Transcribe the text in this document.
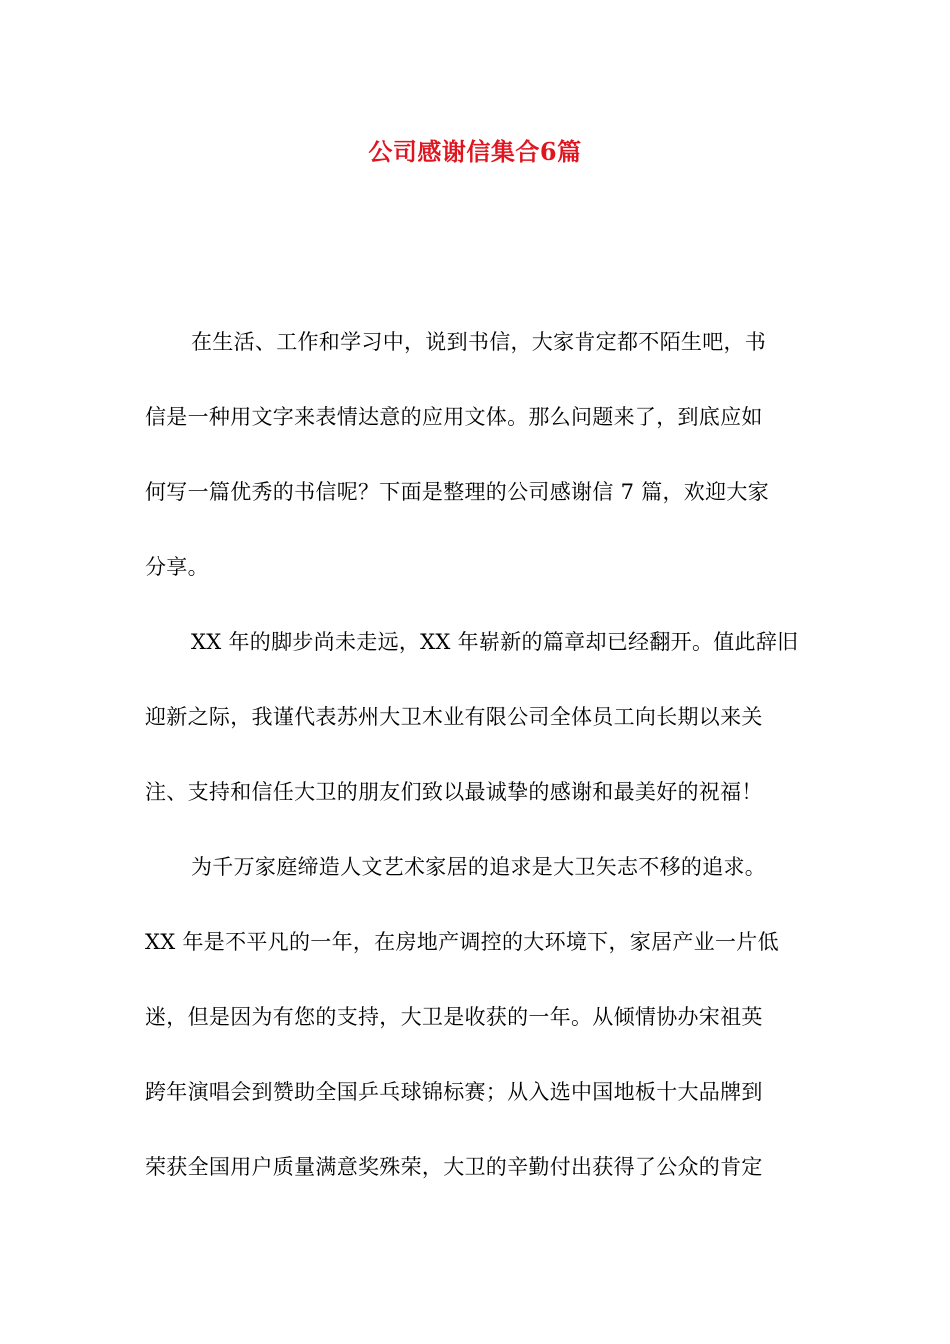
公司感谢信集合6篇
在生活、工作和学习中，说到书信，大家肯定都不陌生吧，书
信是一种用文字来表情达意的应用文体。那么问题来了，到底应如
何写一篇优秀的书信呢？下面是整理的公司感谢信 7 篇，欢迎大家
分享。
XX 年的脚步尚未走远，XX 年崭新的篇章却已经翻开。值此辞旧
迎新之际，我谨代表苏州大卫木业有限公司全体员工向长期以来关
注、支持和信任大卫的朋友们致以最诚挚的感谢和最美好的祝福！
为千万家庭缔造人文艺术家居的追求是大卫矢志不移的追求。
XX 年是不平凡的一年，在房地产调控的大环境下，家居产业一片低
迷，但是因为有您的支持，大卫是收获的一年。从倾情协办宋祖英
跨年演唱会到赞助全国乒乓球锦标赛；从入选中国地板十大品牌到
荣获全国用户质量满意奖殊荣，大卫的辛勤付出获得了公众的肯定
